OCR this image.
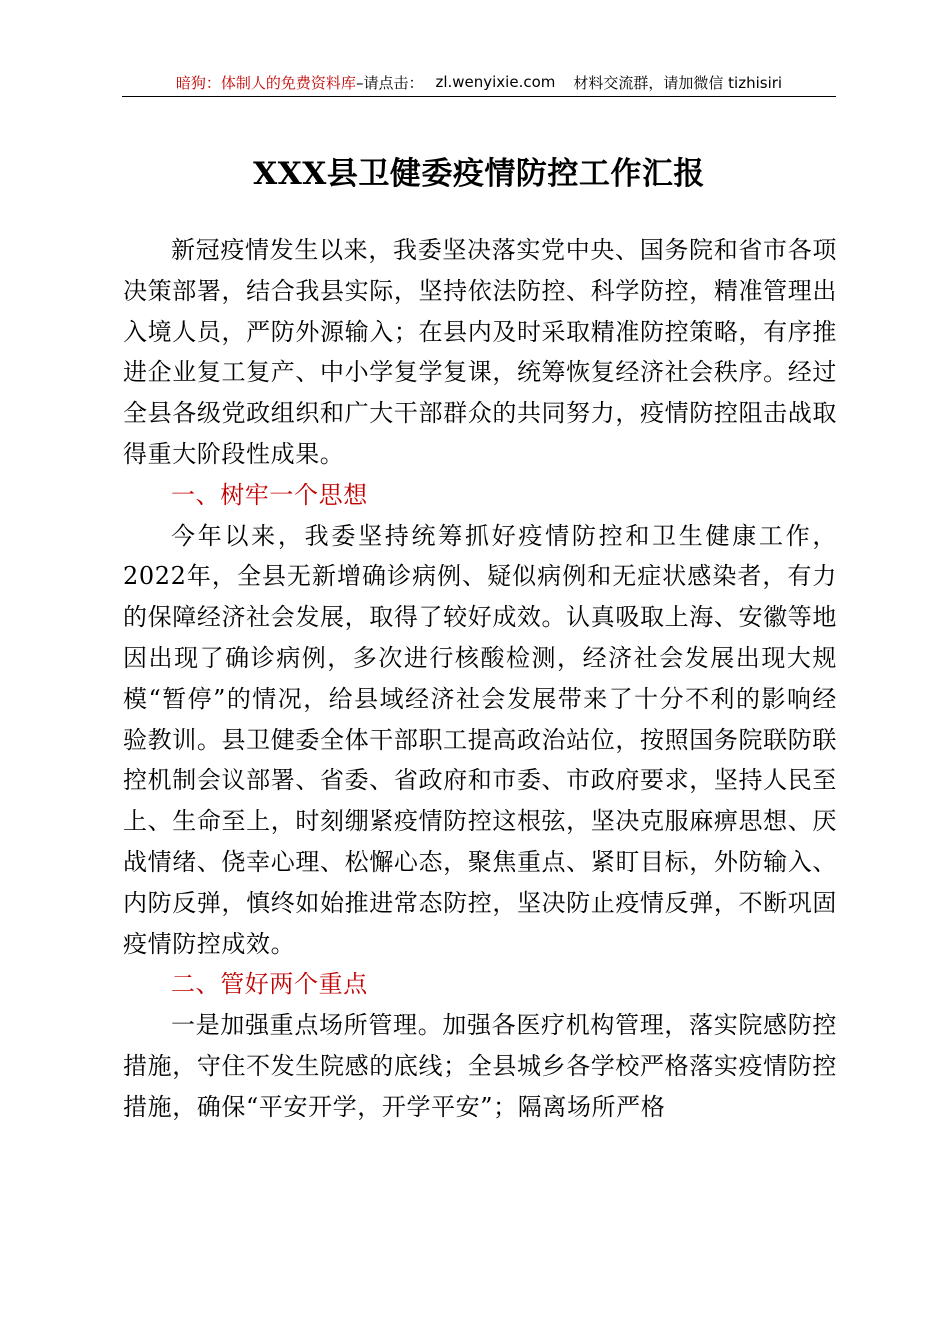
暗狗：体制人的免费资料库 –请点击： zl.wenyixie.com 材料交流群，请加微信 tizhisiri
XXX县卫健委疫情防控工作汇报

新冠疫情发生以来，我委坚决落实党中央、国务院和省市各项决策部署，结合我县实际，坚持依法防控、科学防控，精准管理出入境人员，严防外源输入；在县内及时采取精准防控策略，有序推进企业复工复产、中小学复学复课，统筹恢复经济社会秩序。经过全县各级党政组织和广大干部群众的共同努力，疫情防控阻击战取得重大阶段性成果。

一、树牢一个思想

今年以来，我委坚持统筹抓好疫情防控和卫生健康工作，2022年，全县无新增确诊病例、疑似病例和无症状感染者，有力的保障经济社会发展，取得了较好成效。认真吸取上海、安徽等地因出现了确诊病例，多次进行核酸检测，经济社会发展出现大规模“暂停”的情况，给县域经济社会发展带来了十分不利的影响经验教训。县卫健委全体干部职工提高政治站位，按照国务院联防联控机制会议部署、省委、省政府和市委、市政府要求，坚持人民至上、生命至上，时刻绷紧疫情防控这根弦，坚决克服麻痹思想、厌战情绪、侥幸心理、松懈心态，聚焦重点、紧盯目标，外防输入、内防反弹，慎终如始推进常态防控，坚决防止疫情反弹，不断巩固疫情防控成效。

二、管好两个重点

一是加强重点场所管理。加强各医疗机构管理，落实院感防控措施，守住不发生院感的底线；全县城乡各学校严格落实疫情防控措施，确保“平安开学，开学平安”；隔离场所严格
